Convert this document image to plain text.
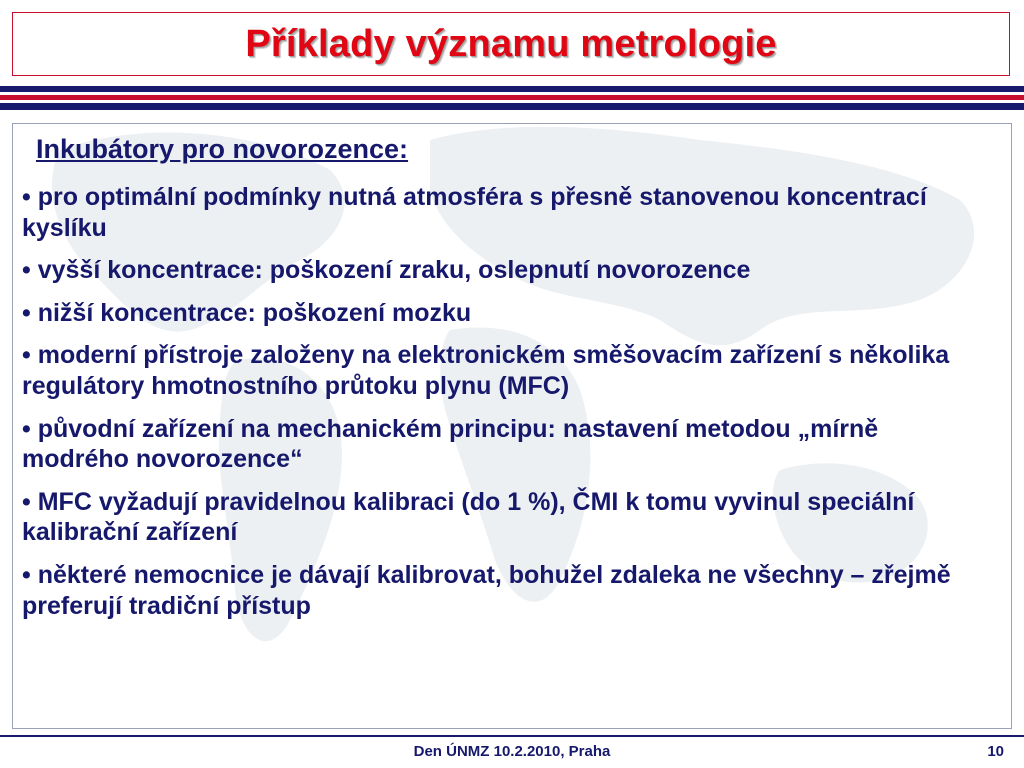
Příklady významu metrologie
Inkubátory pro novorozence:
• pro optimální podmínky nutná atmosféra s přesně stanovenou koncentrací kyslíku
• vyšší koncentrace: poškození zraku, oslepnutí novorozence
• nižší koncentrace: poškození mozku
• moderní přístroje založeny na elektronickém směšovacím zařízení s několika regulátory hmotnostního průtoku plynu (MFC)
• původní zařízení na mechanickém principu: nastavení metodou „mírně modrého novorozence“
• MFC vyžadují pravidelnou kalibraci (do 1 %), ČMI k tomu vyvinul speciální kalibrační zařízení
• některé nemocnice je dávají kalibrovat, bohužel zdaleka ne všechny – zřejmě preferují tradiční přístup
Den ÚNMZ 10.2.2010, Praha	10
